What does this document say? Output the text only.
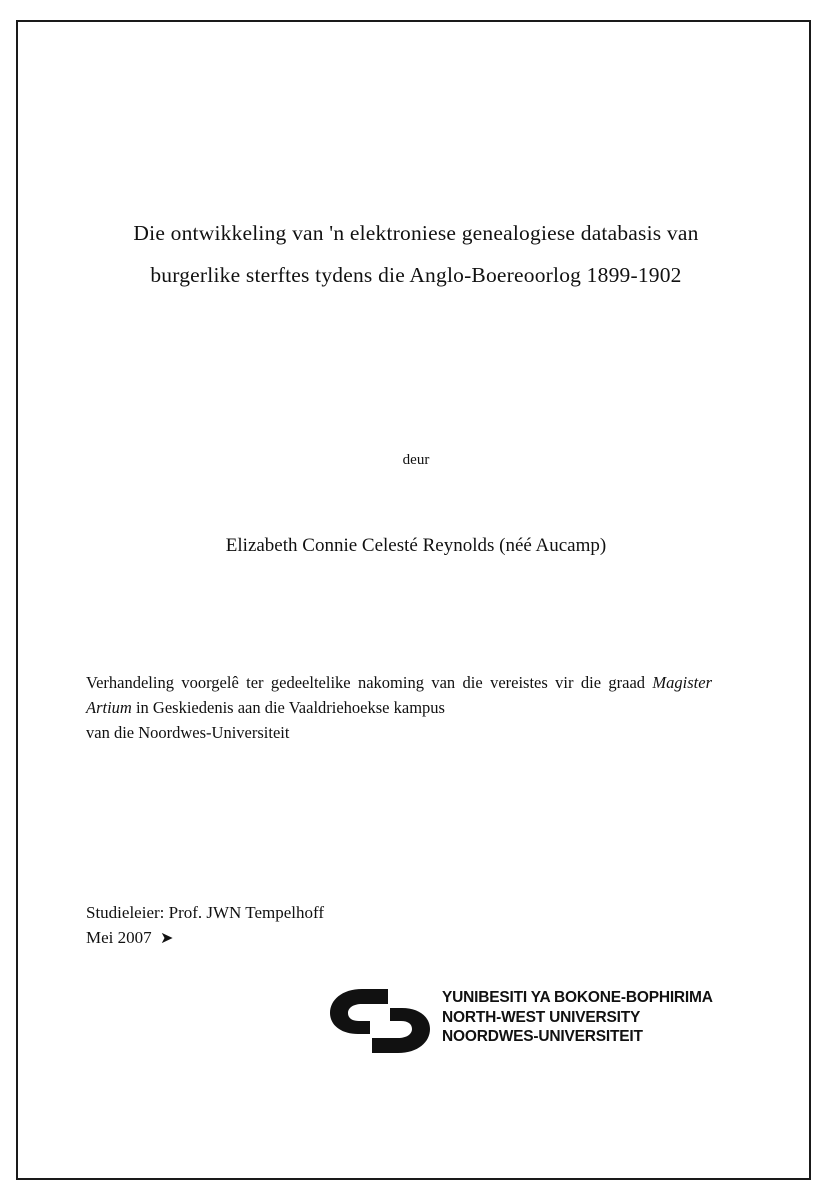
Die ontwikkeling van 'n elektroniese genealogiese databasis van
burgerlike sterftes tydens die Anglo-Boereoorlog 1899-1902
deur
Elizabeth Connie Celesté Reynolds (néé Aucamp)
Verhandeling voorgelê ter gedeeltelike nakoming van die vereistes vir die graad Magister Artium in Geskiedenis aan die Vaaldriehoekse kampus
van die Noordwes-Universiteit
Studieleier: Prof. JWN Tempelhoff
Mei 2007 ➤
YUNIBESITI YA BOKONE-BOPHIRIMA
NORTH-WEST UNIVERSITY
NOORDWES-UNIVERSITEIT
